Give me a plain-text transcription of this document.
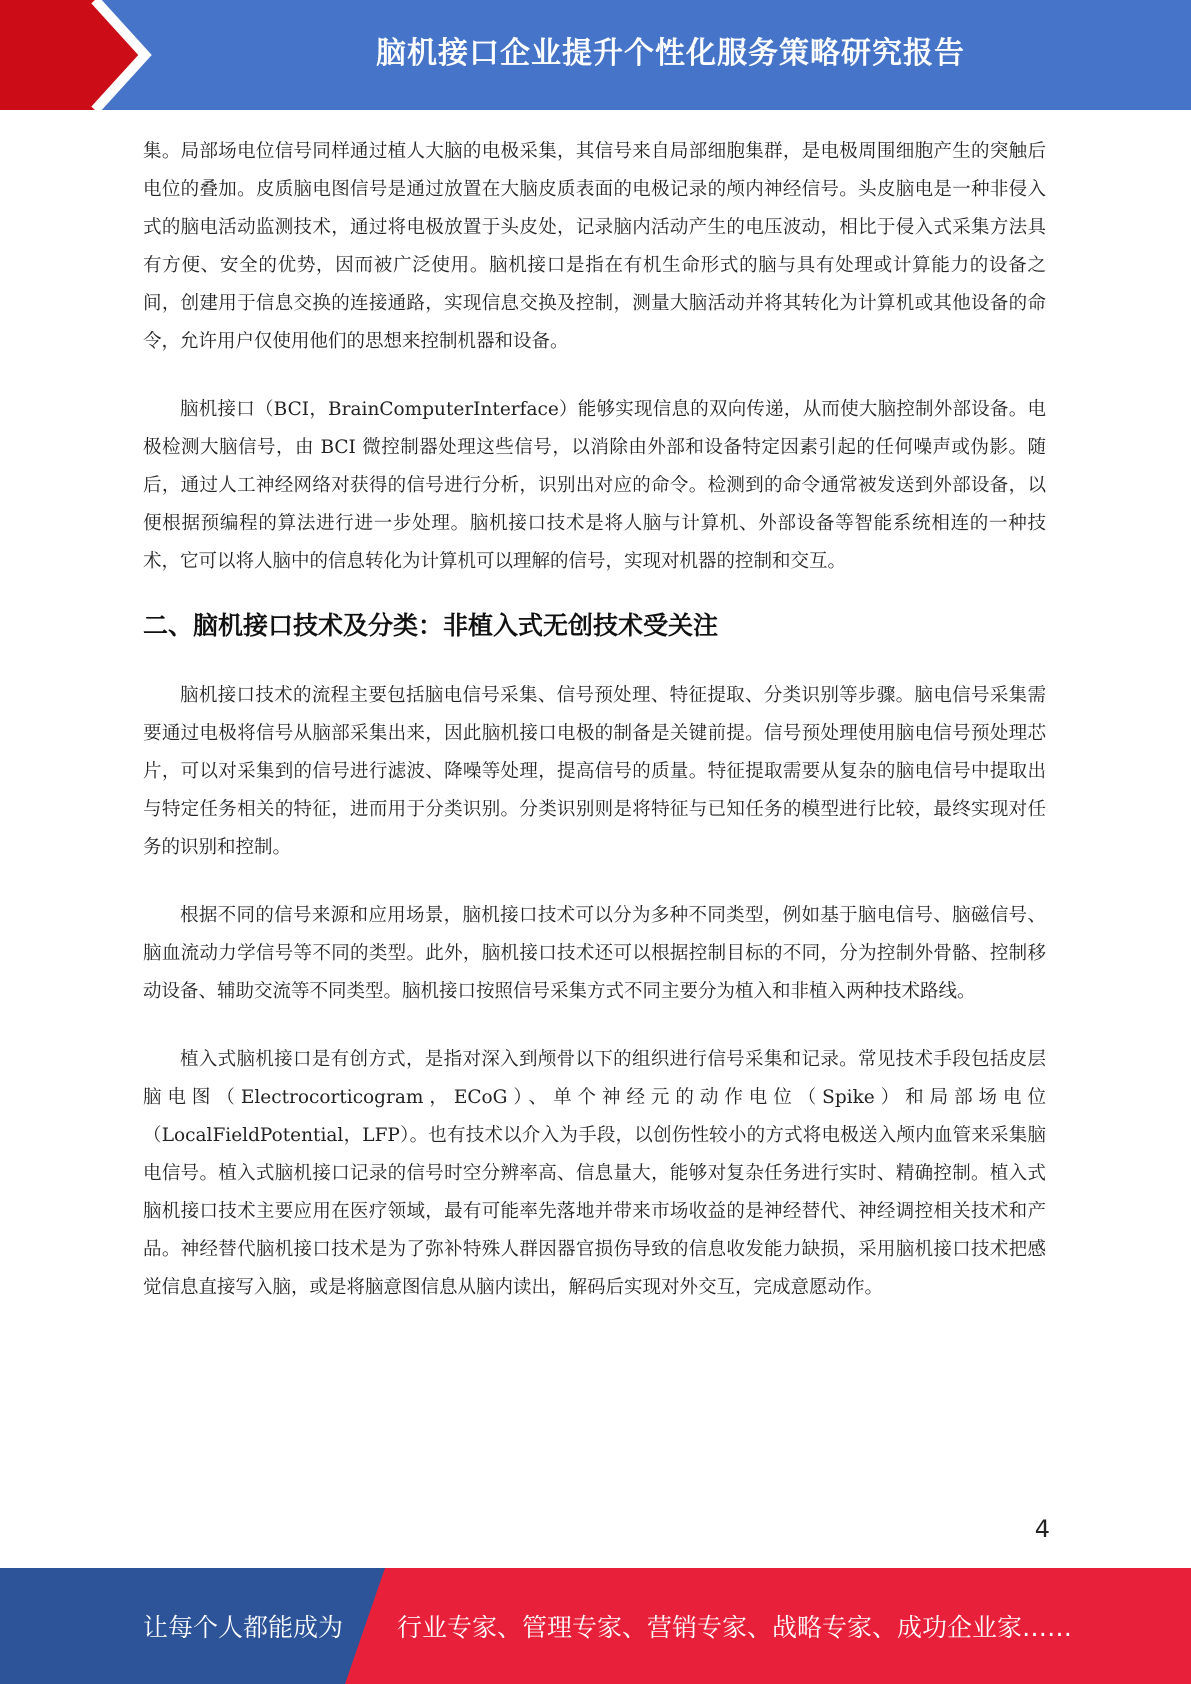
脑机接口企业提升个性化服务策略研究报告

集。局部场电位信号同样通过植人大脑的电极采集，其信号来自局部细胞集群，是电极周围细胞产生的突触后电位的叠加。皮质脑电图信号是通过放置在大脑皮质表面的电极记录的颅内神经信号。头皮脑电是一种非侵入式的脑电活动监测技术，通过将电极放置于头皮处，记录脑内活动产生的电压波动，相比于侵入式采集方法具有方便、安全的优势，因而被广泛使用。脑机接口是指在有机生命形式的脑与具有处理或计算能力的设备之间，创建用于信息交换的连接通路，实现信息交换及控制，测量大脑活动并将其转化为计算机或其他设备的命令，允许用户仅使用他们的思想来控制机器和设备。

脑机接口（BCI，BrainComputerInterface）能够实现信息的双向传递，从而使大脑控制外部设备。电极检测大脑信号，由 BCI 微控制器处理这些信号，以消除由外部和设备特定因素引起的任何噪声或伪影。随后，通过人工神经网络对获得的信号进行分析，识别出对应的命令。检测到的命令通常被发送到外部设备，以便根据预编程的算法进行进一步处理。脑机接口技术是将人脑与计算机、外部设备等智能系统相连的一种技术，它可以将人脑中的信息转化为计算机可以理解的信号，实现对机器的控制和交互。

二、脑机接口技术及分类：非植入式无创技术受关注

脑机接口技术的流程主要包括脑电信号采集、信号预处理、特征提取、分类识别等步骤。脑电信号采集需要通过电极将信号从脑部采集出来，因此脑机接口电极的制备是关键前提。信号预处理使用脑电信号预处理芯片，可以对采集到的信号进行滤波、降噪等处理，提高信号的质量。特征提取需要从复杂的脑电信号中提取出与特定任务相关的特征，进而用于分类识别。分类识别则是将特征与已知任务的模型进行比较，最终实现对任务的识别和控制。

根据不同的信号来源和应用场景，脑机接口技术可以分为多种不同类型，例如基于脑电信号、脑磁信号、脑血流动力学信号等不同的类型。此外，脑机接口技术还可以根据控制目标的不同，分为控制外骨骼、控制移动设备、辅助交流等不同类型。脑机接口按照信号采集方式不同主要分为植入和非植入两种技术路线。

植入式脑机接口是有创方式，是指对深入到颅骨以下的组织进行信号采集和记录。常见技术手段包括皮层脑电图（Electrocorticogram，ECoG）、单个神经元的动作电位（Spike）和局部场电位（LocalFieldPotential，LFP）。也有技术以介入为手段，以创伤性较小的方式将电极送入颅内血管来采集脑电信号。植入式脑机接口记录的信号时空分辨率高、信息量大，能够对复杂任务进行实时、精确控制。植入式脑机接口技术主要应用在医疗领域，最有可能率先落地并带来市场收益的是神经替代、神经调控相关技术和产品。神经替代脑机接口技术是为了弥补特殊人群因器官损伤导致的信息收发能力缺损，采用脑机接口技术把感觉信息直接写入脑，或是将脑意图信息从脑内读出，解码后实现对外交互，完成意愿动作。

4
让每个人都能成为 行业专家、管理专家、营销专家、战略专家、成功企业家……
